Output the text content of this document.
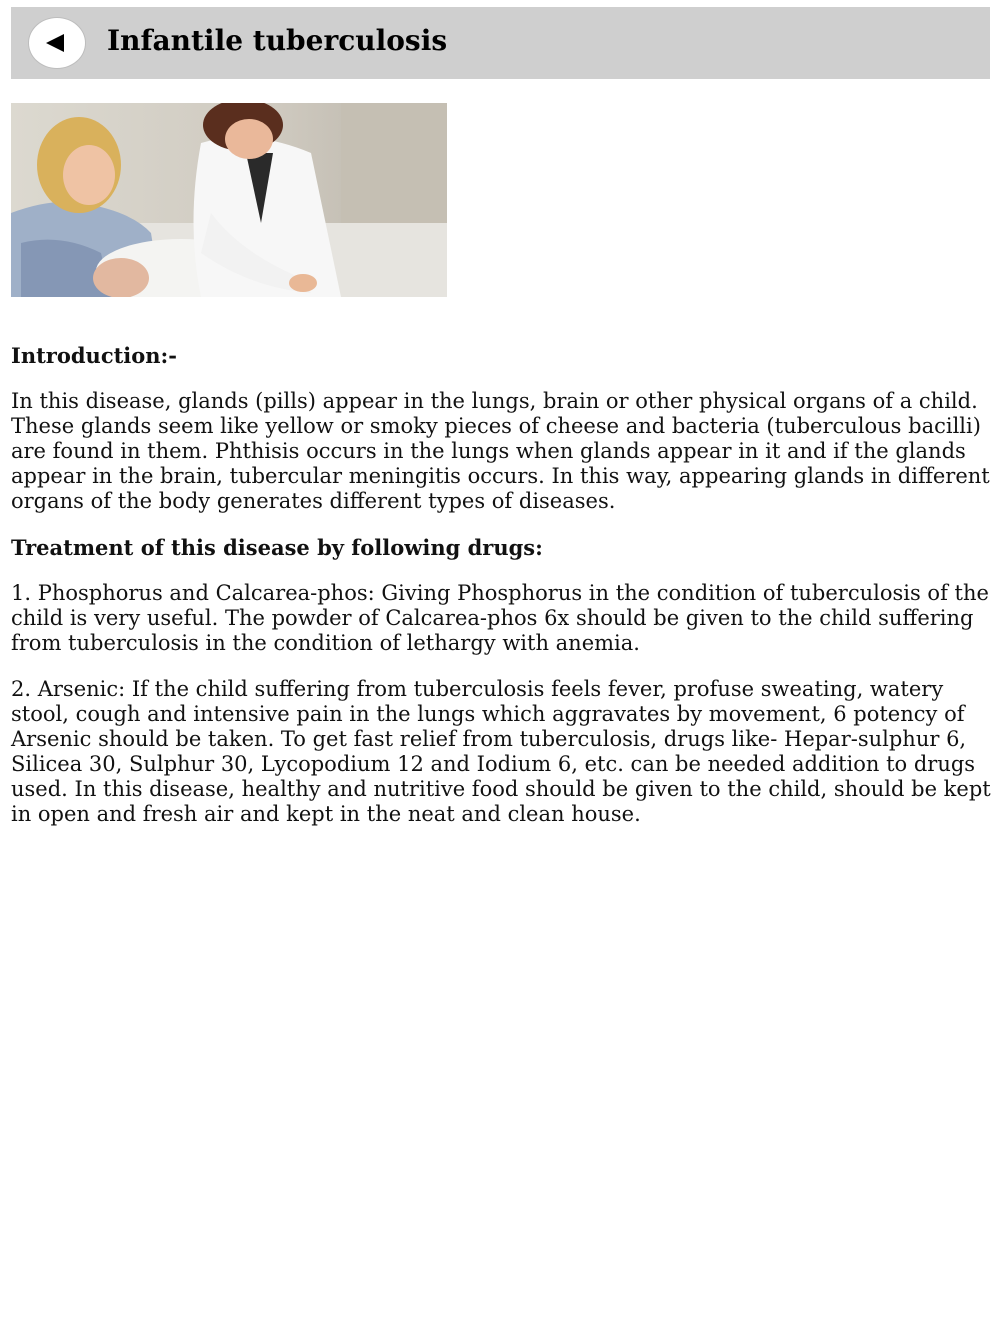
Infantile tuberculosis

Introduction:-

In this disease, glands (pills) appear in the lungs, brain or other physical organs of a child. These glands seem like yellow or smoky pieces of cheese and bacteria (tuberculous bacilli) are found in them. Phthisis occurs in the lungs when glands appear in it and if the glands appear in the brain, tubercular meningitis occurs. In this way, appearing glands in different organs of the body generates different types of diseases.

Treatment of this disease by following drugs:

1. Phosphorus and Calcarea-phos: Giving Phosphorus in the condition of tuberculosis of the child is very useful. The powder of Calcarea-phos 6x should be given to the child suffering from tuberculosis in the condition of lethargy with anemia.

2. Arsenic: If the child suffering from tuberculosis feels fever, profuse sweating, watery stool, cough and intensive pain in the lungs which aggravates by movement, 6 potency of Arsenic should be taken. To get fast relief from tuberculosis, drugs like- Hepar-sulphur 6, Silicea 30, Sulphur 30, Lycopodium 12 and Iodium 6, etc. can be needed addition to drugs used. In this disease, healthy and nutritive food should be given to the child, should be kept in open and fresh air and kept in the neat and clean house.
